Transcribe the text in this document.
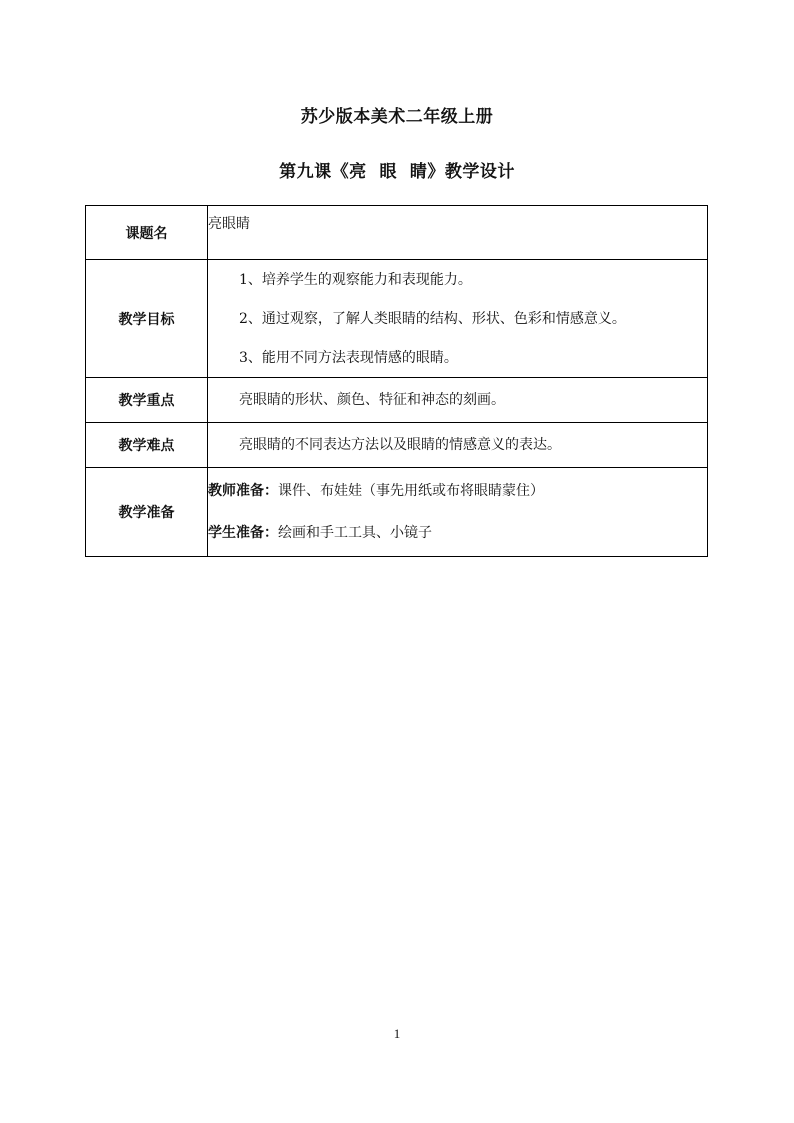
苏少版本美术二年级上册
第九课《亮  眼  睛》教学设计
课题名	亮眼睛
教学目标	1、培养学生的观察能力和表现能力。

2、通过观察，了解人类眼睛的结构、形状、色彩和情感意义。

3、能用不同方法表现情感的眼睛。

教学重点	亮眼睛的形状、颜色、特征和神态的刻画。

教学难点	亮眼睛的不同表达方法以及眼睛的情感意义的表达。

教学准备	教师准备：课件、布娃娃（事先用纸或布将眼睛蒙住）
学生准备：绘画和手工工具、小镜子
1
